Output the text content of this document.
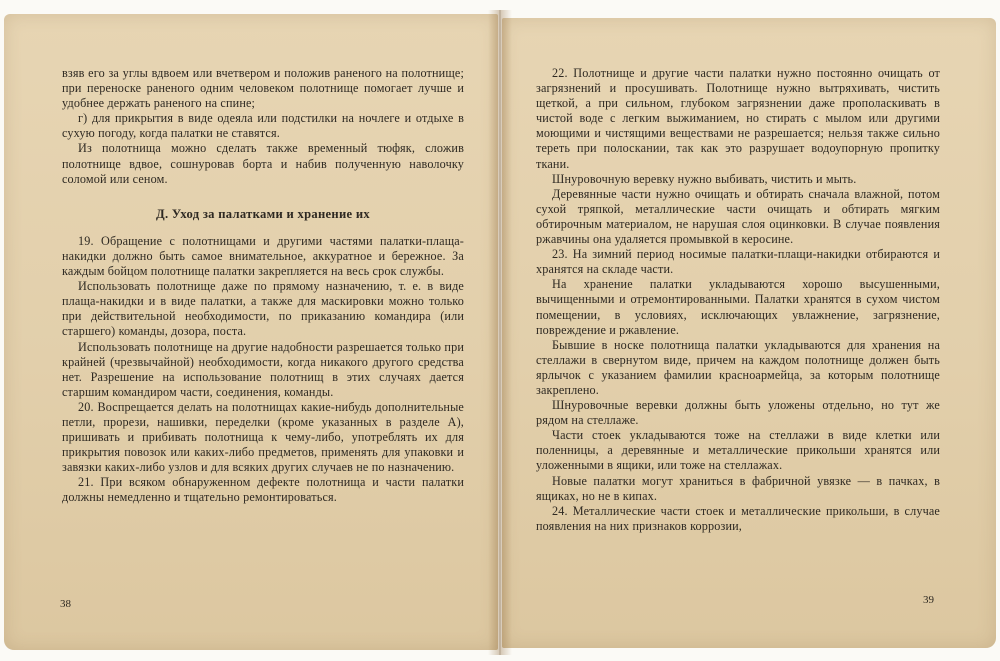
взяв его за углы вдвоем или вчетвером и положив раненого на полотнище; при переноске раненого одним человеком полотнище помогает лучше и удобнее держать раненого на спине;

г) для прикрытия в виде одеяла или подстилки на ночлеге и отдыхе в сухую погоду, когда палатки не ставятся.

Из полотнища можно сделать также временный тюфяк, сложив полотнище вдвое, сошнуровав борта и набив полученную наволочку соломой или сеном.

Д. Уход за палатками и хранение их

19. Обращение с полотнищами и другими частями палатки-плаща-накидки должно быть самое внимательное, аккуратное и бережное. За каждым бойцом полотнище палатки закрепляется на весь срок службы.

Использовать полотнище даже по прямому назначению, т. е. в виде плаща-накидки и в виде палатки, а также для маскировки можно только при действительной необходимости, по приказанию командира (или старшего) команды, дозора, поста.

Использовать полотнище на другие надобности разрешается только при крайней (чрезвычайной) необходимости, когда никакого другого средства нет. Разрешение на использование полотнищ в этих случаях дается старшим командиром части, соединения, команды.

20. Воспрещается делать на полотнищах какие-нибудь дополнительные петли, прорези, нашивки, переделки (кроме указанных в разделе А), пришивать и прибивать полотнища к чему-либо, употреблять их для прикрытия повозок или каких-либо предметов, применять для упаковки и завязки каких-либо узлов и для всяких других случаев не по назначению.

21. При всяком обнаруженном дефекте полотнища и части палатки должны немедленно и тщательно ремонтироваться.

38

22. Полотнище и другие части палатки нужно постоянно очищать от загрязнений и просушивать. Полотнище нужно вытряхивать, чистить щеткой, а при сильном, глубоком загрязнении даже прополаскивать в чистой воде с легким выжиманием, но стирать с мылом или другими моющими и чистящими веществами не разрешается; нельзя также сильно тереть при полоскании, так как это разрушает водоупорную пропитку ткани.

Шнуровочную веревку нужно выбивать, чистить и мыть.

Деревянные части нужно очищать и обтирать сначала влажной, потом сухой тряпкой, металлические части очищать и обтирать мягким обтирочным материалом, не нарушая слоя оцинковки. В случае появления ржавчины она удаляется промывкой в керосине.

23. На зимний период носимые палатки-плащи-накидки отбираются и хранятся на складе части.

На хранение палатки укладываются хорошо высушенными, вычищенными и отремонтированными. Палатки хранятся в сухом чистом помещении, в условиях, исключающих увлажнение, загрязнение, повреждение и ржавление.

Бывшие в носке полотнища палатки укладываются для хранения на стеллажи в свернутом виде, причем на каждом полотнище должен быть ярлычок с указанием фамилии красноармейца, за которым полотнище закреплено.

Шнуровочные веревки должны быть уложены отдельно, но тут же рядом на стеллаже.

Части стоек укладываются тоже на стеллажи в виде клетки или поленницы, а деревянные и металлические прикольши хранятся или уложенными в ящики, или тоже на стеллажах.

Новые палатки могут храниться в фабричной увязке — в пачках, в ящиках, но не в кипах.

24. Металлические части стоек и металлические прикольши, в случае появления на них признаков коррозии,

39
